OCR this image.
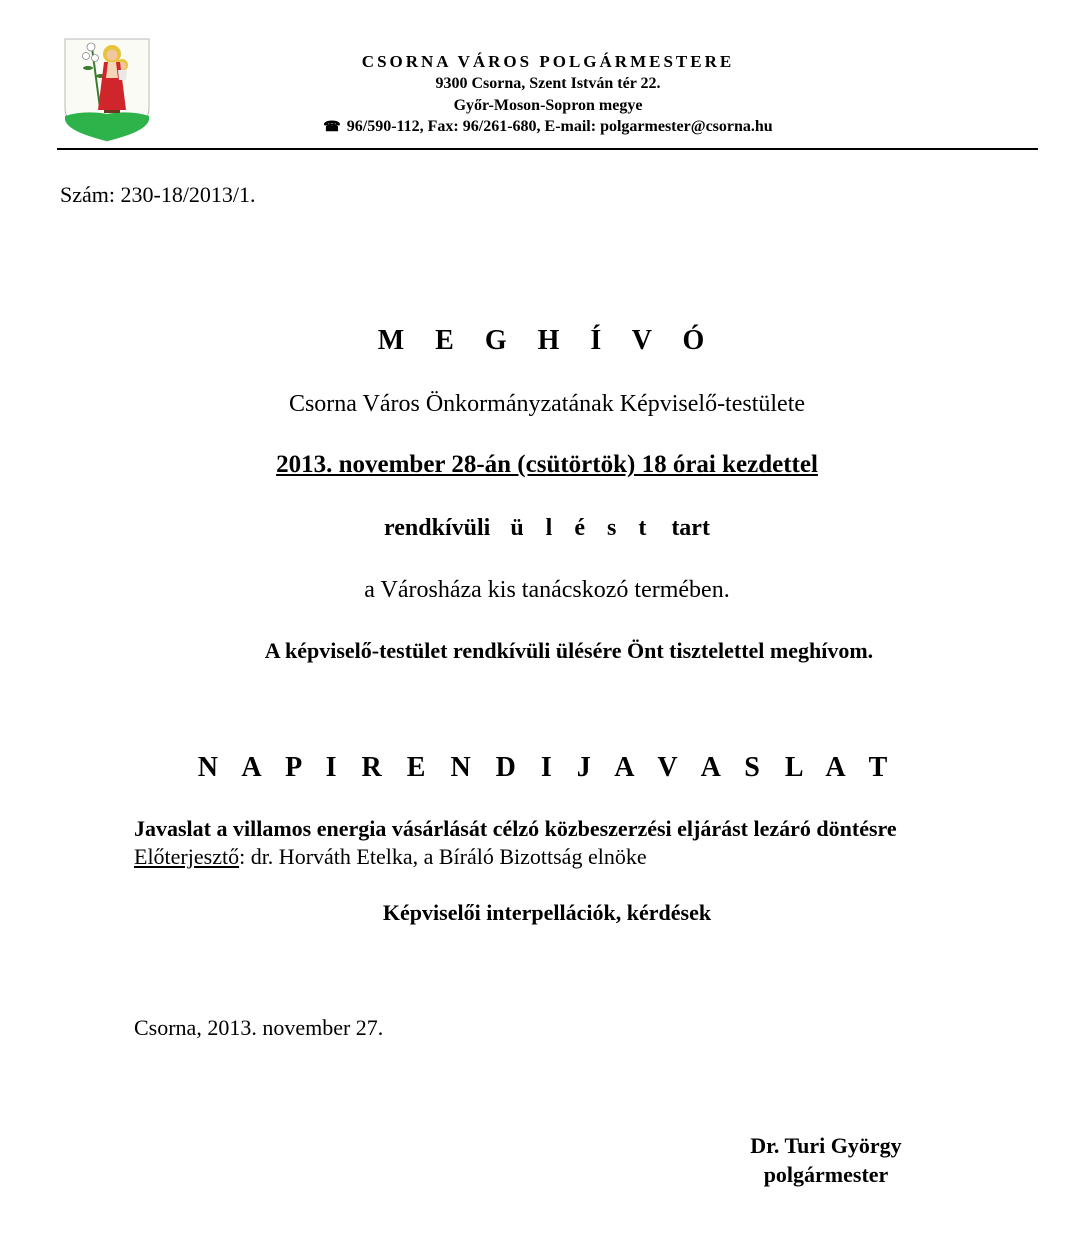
CSORNA VÁROS POLGÁRMESTERE
9300 Csorna, Szent István tér 22.
Győr-Moson-Sopron megye
☎ 96/590-112, Fax: 96/261-680, E-mail: polgarmester@csorna.hu
Szám: 230-18/2013/1.
M E G H Í V Ó
Csorna Város Önkormányzatának Képviselő-testülete
2013. november 28-án (csütörtök) 18 órai kezdettel
rendkívüli ü l é s t tart
a Városháza kis tanácskozó termében.
A képviselő-testület rendkívüli ülésére Önt tisztelettel meghívom.
N A P I R E N D I J A V A S L A T
Javaslat a villamos energia vásárlását célzó közbeszerzési eljárást lezáró döntésre
Előterjesztő: dr. Horváth Etelka, a Bíráló Bizottság elnöke
Képviselői interpellációk, kérdések
Csorna, 2013. november 27.
Dr. Turi György
polgármester
